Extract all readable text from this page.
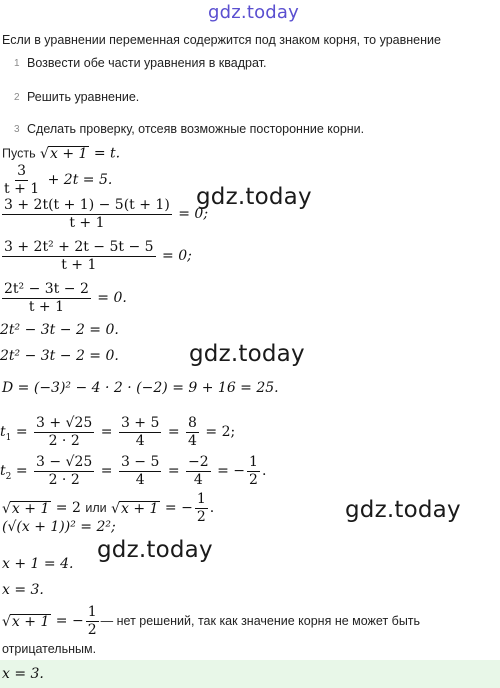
gdz.today
gdz.today
gdz.today
gdz.today
gdz.today
Если в уравнении переменная содержится под знаком корня, то уравнение
1 Возвести обе части уравнения в квадрат.
2 Решить уравнение.
3 Сделать проверку, отсеяв возможные посторонние корни.
Пусть √x + 1 = t.
$\frac{3}{t + 1} + 2t = 5$.
$\frac{3 + 2t(t + 1) - 5(t + 1)}{t + 1} = 0$;
$\frac{\text{3 + 2t² + 2t − 5t − 5}}{t + 1} = 0$;
$\frac{\text{2t² − 3t − 2}}{t + 1} = 0$.
2t² − 3t − 2 = 0.
2t² − 3t − 2 = 0.
D = (−3)² − 4 · 2 · (−2) = 9 + 16 = 25.
$t_1 = \frac{3 + √25}{2 \cdot 2} = \frac{3 + 5}{4} = \frac{8}{4} = 2$;
$t_2 = \frac{3 - √25}{2 \cdot 2} = \frac{3 - 5}{4} = \frac{-2}{4}$ = − $\frac{1}{2}$ .
√x + 1 = 2 или √x + 1 = − $\frac{1}{2}$ .
(√(x + 1))² = 2²;
x + 1 = 4.
x = 3.
√x + 1 = − $\frac{1}{2}$ — нет решений, так как значение корня не может быть
отрицательным.
x = 3.
